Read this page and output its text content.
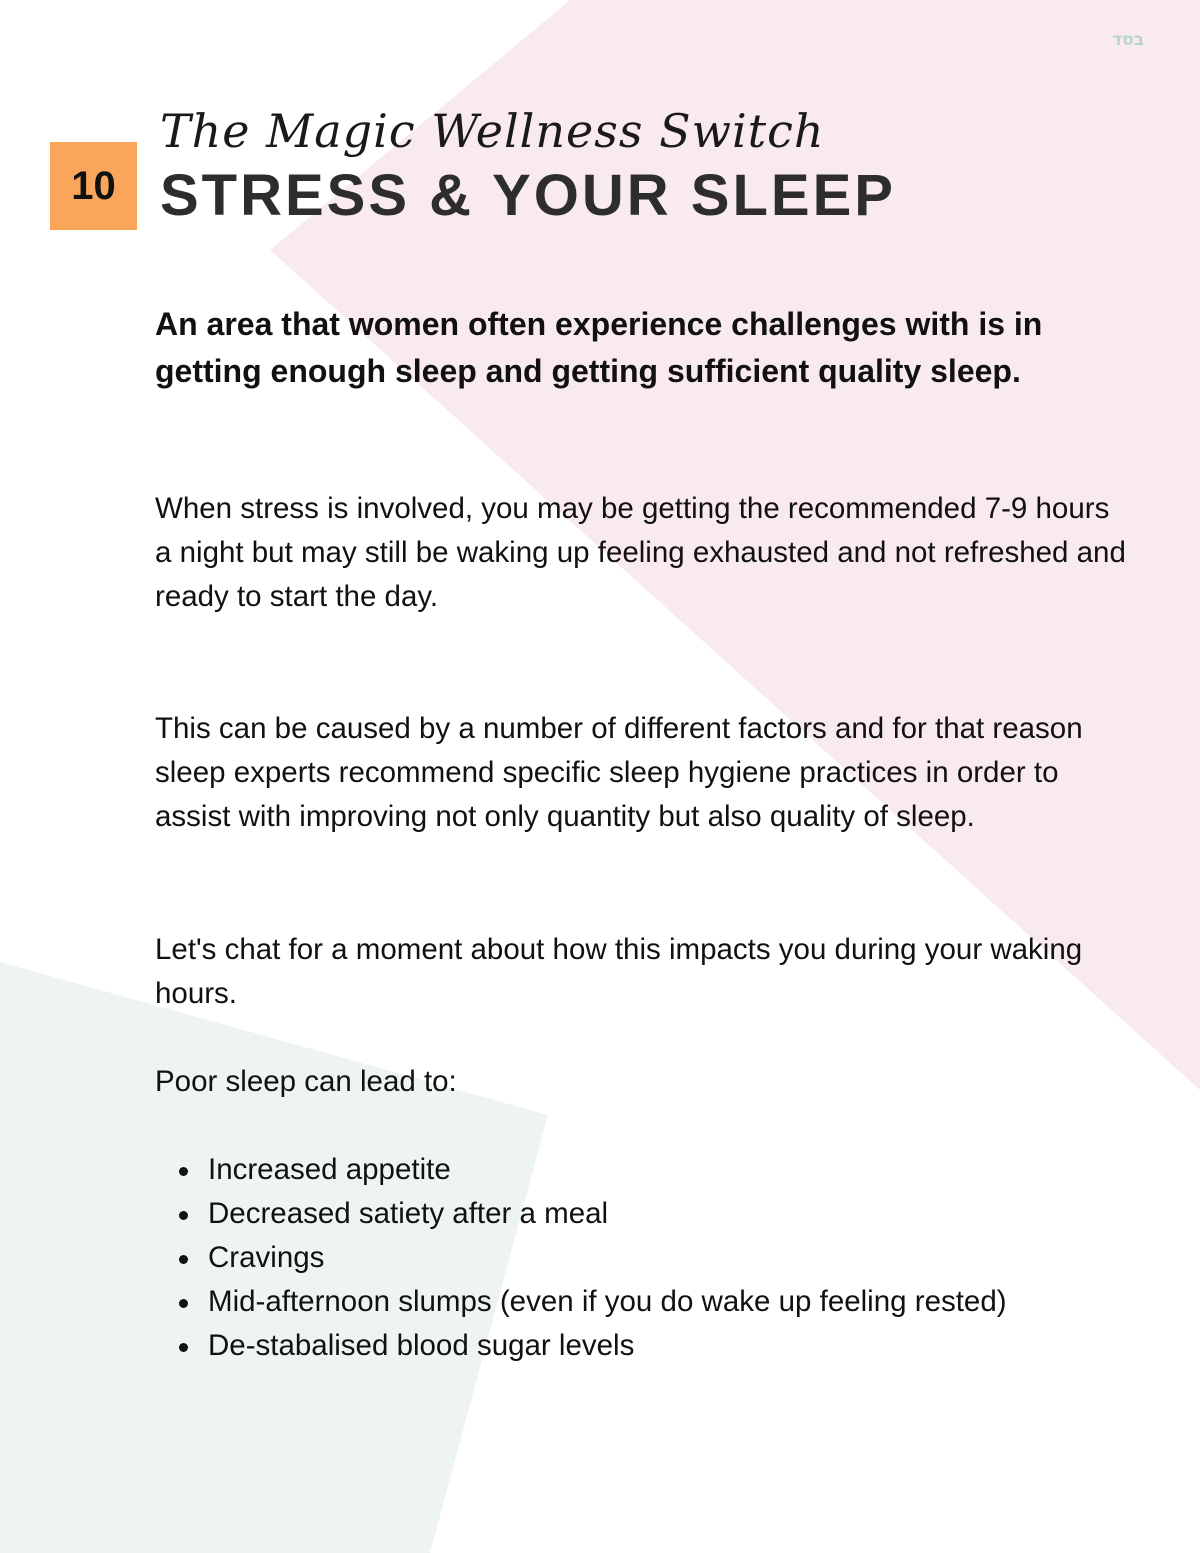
בסד
10
The Magic Wellness Switch
STRESS & YOUR SLEEP

An area that women often experience challenges with is in getting enough sleep and getting sufficient quality sleep.

When stress is involved, you may be getting the recommended 7-9 hours a night but may still be waking up feeling exhausted and not refreshed and ready to start the day.

This can be caused by a number of different factors and for that reason sleep experts recommend specific sleep hygiene practices in order to assist with improving not only quantity but also quality of sleep.

Let's chat for a moment about how this impacts you during your waking hours.

Poor sleep can lead to:

Increased appetite
Decreased satiety after a meal
Cravings
Mid-afternoon slumps (even if you do wake up feeling rested)
De-stabalised blood sugar levels
